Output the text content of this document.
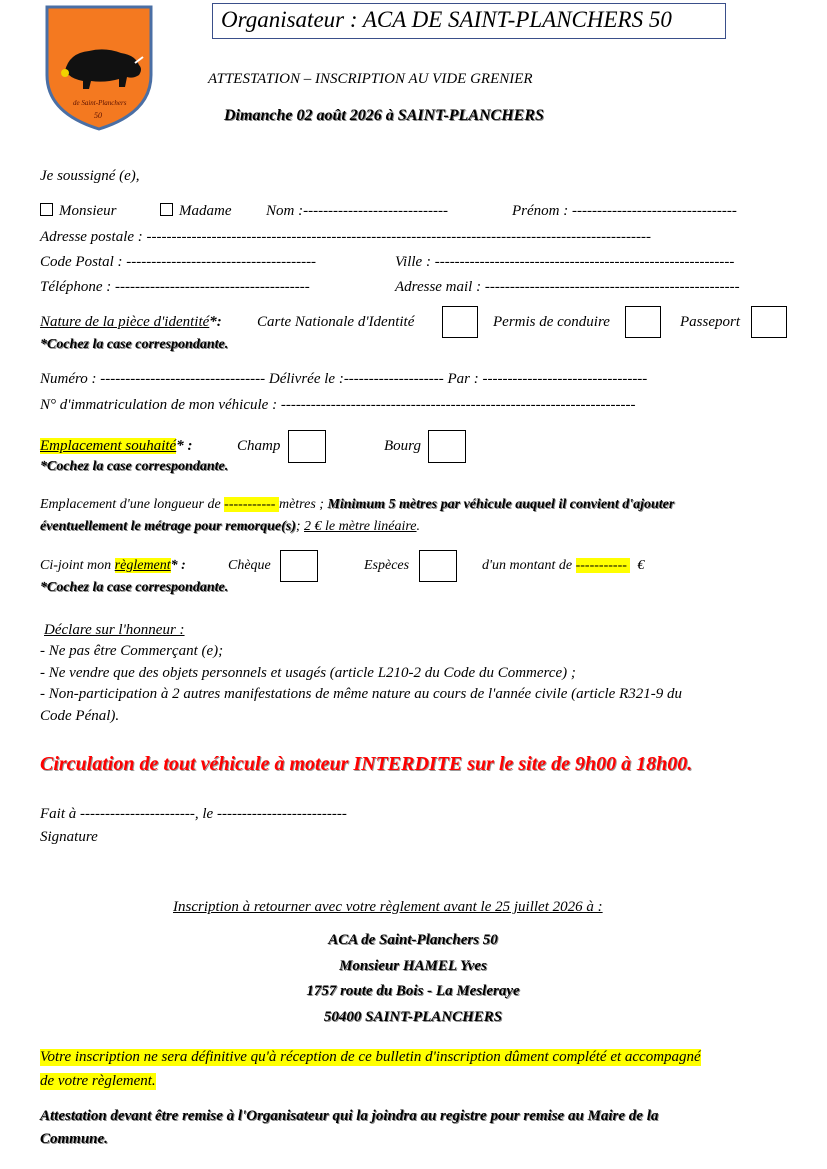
de Saint-Planchers
50
Organisateur : ACA DE SAINT-PLANCHERS 50
ATTESTATION – INSCRIPTION AU VIDE GRENIER
Dimanche 02 août 2026 à SAINT-PLANCHERS
Je soussigné (e),
Monsieur	Madame Nom :-----------------------------	Prénom : ---------------------------------
Adresse postale : -----------------------------------------------------------------------------------------------------
Code Postal : --------------------------------------	Ville : ------------------------------------------------------------
Téléphone : ---------------------------------------	Adresse mail : ---------------------------------------------------
Nature de la pièce d'identité*: Carte Nationale d'Identité	Permis de conduire	Passeport
*Cochez la case correspondante.
Numéro : --------------------------------- Délivrée le :-------------------- Par : ---------------------------------
N° d'immatriculation de mon véhicule : -----------------------------------------------------------------------
Emplacement souhaité* :	Champ	Bourg
*Cochez la case correspondante.
Emplacement d'une longueur de ----------- mètres ; Minimum 5 mètres par véhicule auquel il convient d'ajouter
éventuellement le métrage pour remorque(s); 2 € le mètre linéaire.
Ci-joint mon règlement* :	Chèque	Espèces	d'un montant de -----------   €
*Cochez la case correspondante.
Déclare sur l'honneur :
- Ne pas être Commerçant (e);
- Ne vendre que des objets personnels et usagés (article L210-2 du Code du Commerce) ;
- Non-participation à 2 autres manifestations de même nature au cours de l'année civile (article R321-9 du
Code Pénal).
Circulation de tout véhicule à moteur INTERDITE sur le site de 9h00 à 18h00.
Fait à -----------------------, le --------------------------
Signature
Inscription à retourner avec votre règlement avant le 25 juillet 2026 à :
ACA de Saint-Planchers 50
Monsieur HAMEL Yves
1757 route du Bois - La Mesleraye
50400 SAINT-PLANCHERS
Votre inscription ne sera définitive qu'à réception de ce bulletin d'inscription dûment complété et accompagné
de votre règlement.
Attestation devant être remise à l'Organisateur qui la joindra au registre pour remise au Maire de la
Commune.
